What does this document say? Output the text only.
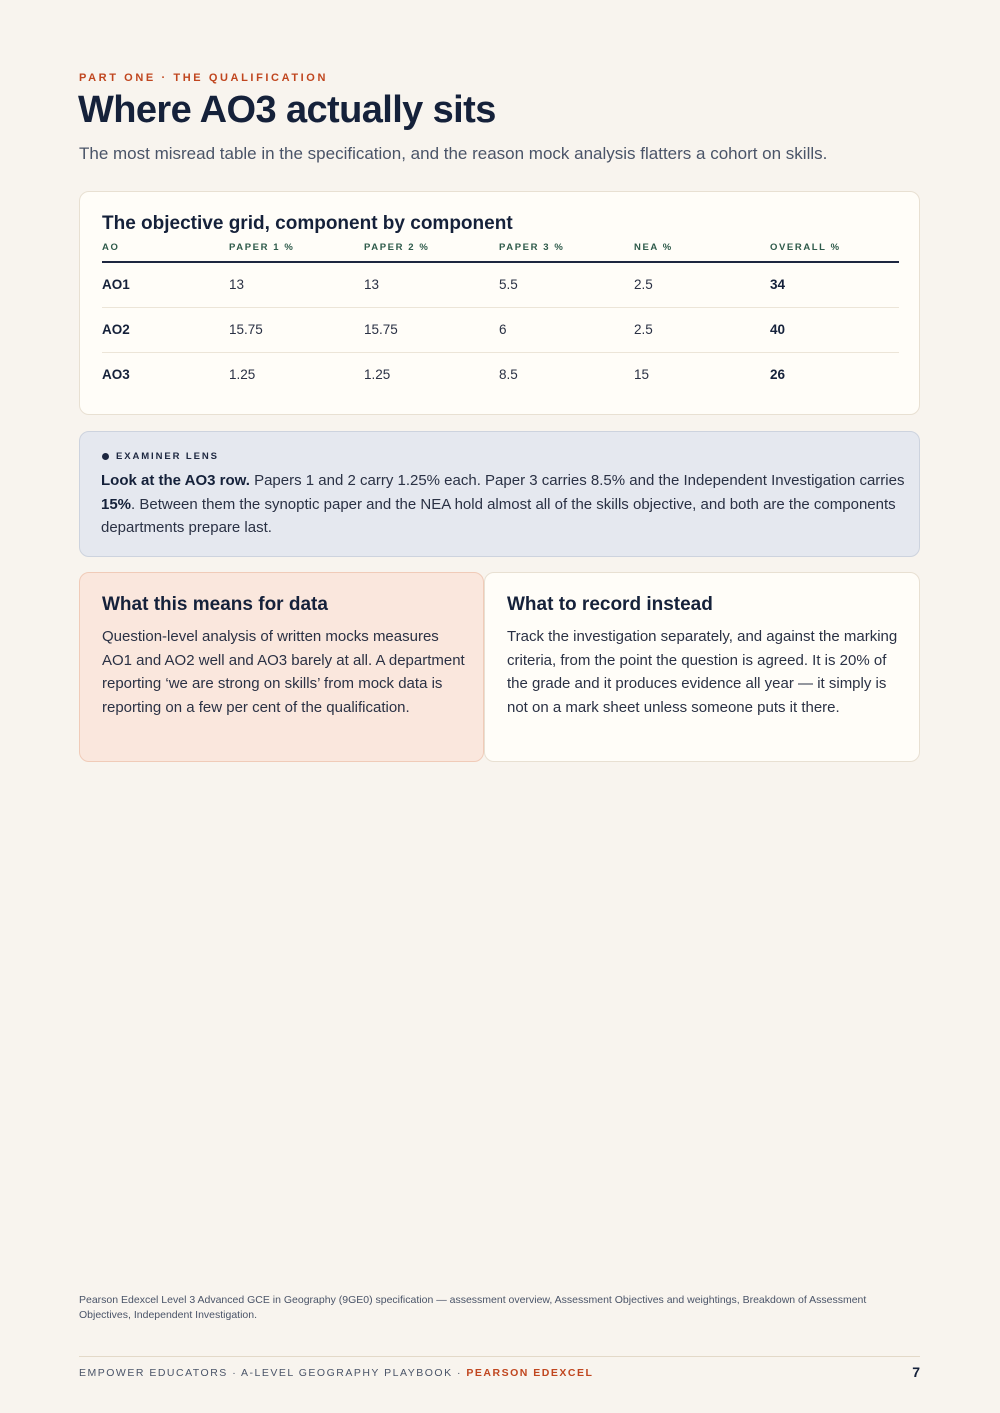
PART ONE · THE QUALIFICATION
Where AO3 actually sits
The most misread table in the specification, and the reason mock analysis flatters a cohort on skills.
The objective grid, component by component
AO	PAPER 1 %	PAPER 2 %	PAPER 3 %	NEA %	OVERALL %
AO1	13	13	5.5	2.5	34
AO2	15.75	15.75	6	2.5	40
AO3	1.25	1.25	8.5	15	26
EXAMINER LENS
Look at the AO3 row. Papers 1 and 2 carry 1.25% each. Paper 3 carries 8.5% and the Independent Investigation carries 15%. Between them the synoptic paper and the NEA hold almost all of the skills objective, and both are the components departments prepare last.
What this means for data

Question-level analysis of written mocks measures AO1 and AO2 well and AO3 barely at all. A department reporting ‘we are strong on skills’ from mock data is reporting on a few per cent of the qualification.

What to record instead

Track the investigation separately, and against the marking criteria, from the point the question is agreed. It is 20% of the grade and it produces evidence all year — it simply is not on a mark sheet unless someone puts it there.

Pearson Edexcel Level 3 Advanced GCE in Geography (9GE0) specification — assessment overview, Assessment Objectives and weightings, Breakdown of Assessment Objectives, Independent Investigation.
EMPOWER EDUCATORS · A-LEVEL GEOGRAPHY PLAYBOOK · PEARSON EDEXCEL	7
